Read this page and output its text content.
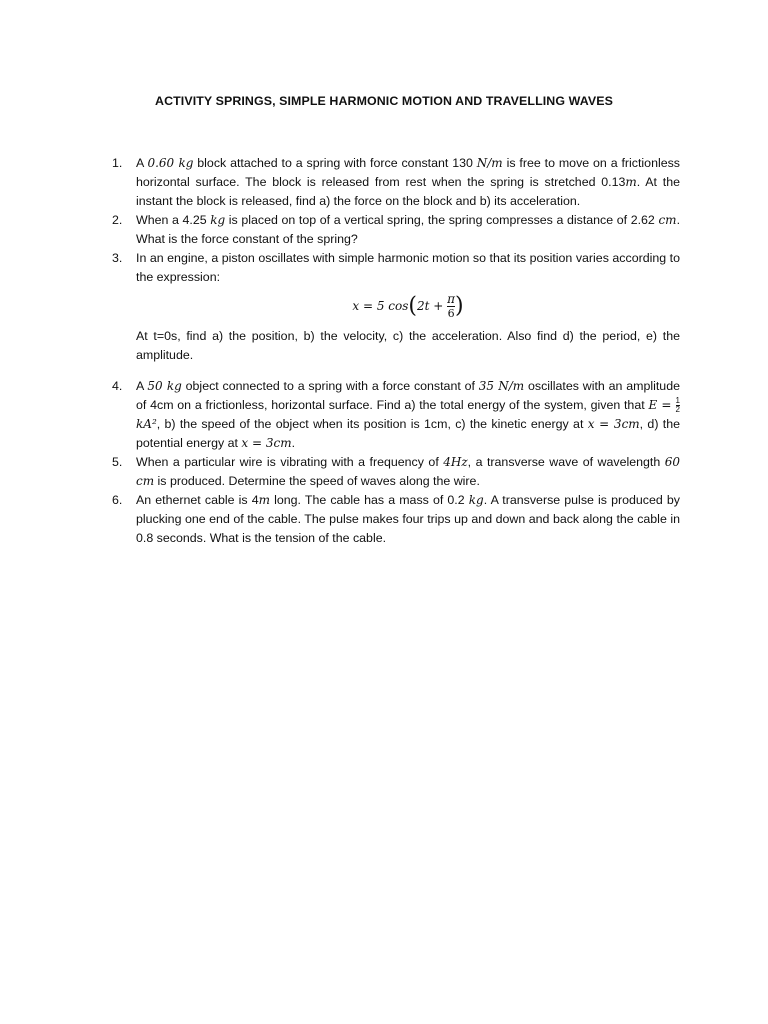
ACTIVITY SPRINGS, SIMPLE HARMONIC MOTION AND TRAVELLING WAVES
1. A 0.60 kg block attached to a spring with force constant 130 N/m is free to move on a frictionless horizontal surface. The block is released from rest when the spring is stretched 0.13m. At the instant the block is released, find a) the force on the block and b) its acceleration.
2. When a 4.25 kg is placed on top of a vertical spring, the spring compresses a distance of 2.62 cm. What is the force constant of the spring?
3. In an engine, a piston oscillates with simple harmonic motion so that its position varies according to the expression:
x = 5 $\cos(2t + \frac{\pi}{6}$ )
At t=0s, find a) the position, b) the velocity, c) the acceleration. Also find d) the period, e) the amplitude.
4. A 50 kg object connected to a spring with a force constant of 35 N/m oscillates with an amplitude of 4cm on a frictionless, horizontal surface. Find a) the total energy of the system, given that $E = \frac{1}{2}$
kA², b) the speed of the object when its position is 1cm, c) the kinetic energy at x = 3cm, d) the potential energy at x = 3cm.
5. When a particular wire is vibrating with a frequency of 4Hz, a transverse wave of wavelength 60 cm is produced. Determine the speed of waves along the wire.
6. An ethernet cable is 4m long. The cable has a mass of 0.2 kg. A transverse pulse is produced by plucking one end of the cable. The pulse makes four trips up and down and back along the cable in 0.8 seconds. What is the tension of the cable.
